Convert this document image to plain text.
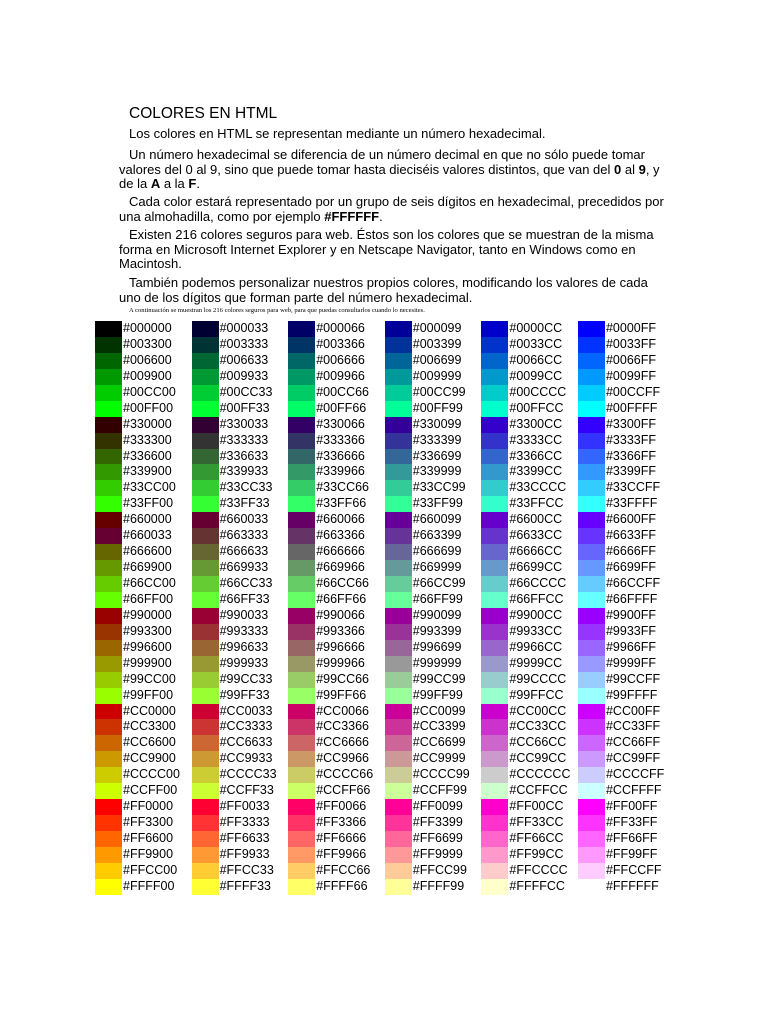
COLORES EN HTML

Los colores en HTML se representan mediante un número hexadecimal.

Un número hexadecimal se diferencia de un número decimal en que no sólo puede tomar valores del 0 al 9, sino que puede tomar hasta dieciséis valores distintos, que van del 0 al 9, y de la A a la F.

Cada color estará representado por un grupo de seis dígitos en hexadecimal, precedidos por una almohadilla, como por ejemplo #FFFFFF.

Existen 216 colores seguros para web. Éstos son los colores que se muestran de la misma forma en Microsoft Internet Explorer y en Netscape Navigator, tanto en Windows como en Macintosh.

También podemos personalizar nuestros propios colores, modificando los valores de cada uno de los dígitos que forman parte del número hexadecimal.

A continuación se muestran los 216 colores seguros para web, para que puedas consultarlos cuando lo necesites.

#000000	#000033	#000066	#000099	#0000CC	#0000FF
#003300	#003333	#003366	#003399	#0033CC	#0033FF
#006600	#006633	#006666	#006699	#0066CC	#0066FF
#009900	#009933	#009966	#009999	#0099CC	#0099FF
#00CC00	#00CC33	#00CC66	#00CC99	#00CCCC	#00CCFF
#00FF00	#00FF33	#00FF66	#00FF99	#00FFCC	#00FFFF
#330000	#330033	#330066	#330099	#3300CC	#3300FF
#333300	#333333	#333366	#333399	#3333CC	#3333FF
#336600	#336633	#336666	#336699	#3366CC	#3366FF
#339900	#339933	#339966	#339999	#3399CC	#3399FF
#33CC00	#33CC33	#33CC66	#33CC99	#33CCCC	#33CCFF
#33FF00	#33FF33	#33FF66	#33FF99	#33FFCC	#33FFFF
#660000	#660033	#660066	#660099	#6600CC	#6600FF
#660033	#663333	#663366	#663399	#6633CC	#6633FF
#666600	#666633	#666666	#666699	#6666CC	#6666FF
#669900	#669933	#669966	#669999	#6699CC	#6699FF
#66CC00	#66CC33	#66CC66	#66CC99	#66CCCC	#66CCFF
#66FF00	#66FF33	#66FF66	#66FF99	#66FFCC	#66FFFF
#990000	#990033	#990066	#990099	#9900CC	#9900FF
#993300	#993333	#993366	#993399	#9933CC	#9933FF
#996600	#996633	#996666	#996699	#9966CC	#9966FF
#999900	#999933	#999966	#999999	#9999CC	#9999FF
#99CC00	#99CC33	#99CC66	#99CC99	#99CCCC	#99CCFF
#99FF00	#99FF33	#99FF66	#99FF99	#99FFCC	#99FFFF
#CC0000	#CC0033	#CC0066	#CC0099	#CC00CC	#CC00FF
#CC3300	#CC3333	#CC3366	#CC3399	#CC33CC	#CC33FF
#CC6600	#CC6633	#CC6666	#CC6699	#CC66CC	#CC66FF
#CC9900	#CC9933	#CC9966	#CC9999	#CC99CC	#CC99FF
#CCCC00	#CCCC33	#CCCC66	#CCCC99	#CCCCCC	#CCCCFF
#CCFF00	#CCFF33	#CCFF66	#CCFF99	#CCFFCC	#CCFFFF
#FF0000	#FF0033	#FF0066	#FF0099	#FF00CC	#FF00FF
#FF3300	#FF3333	#FF3366	#FF3399	#FF33CC	#FF33FF
#FF6600	#FF6633	#FF6666	#FF6699	#FF66CC	#FF66FF
#FF9900	#FF9933	#FF9966	#FF9999	#FF99CC	#FF99FF
#FFCC00	#FFCC33	#FFCC66	#FFCC99	#FFCCCC	#FFCCFF
#FFFF00	#FFFF33	#FFFF66	#FFFF99	#FFFFCC	#FFFFFF
